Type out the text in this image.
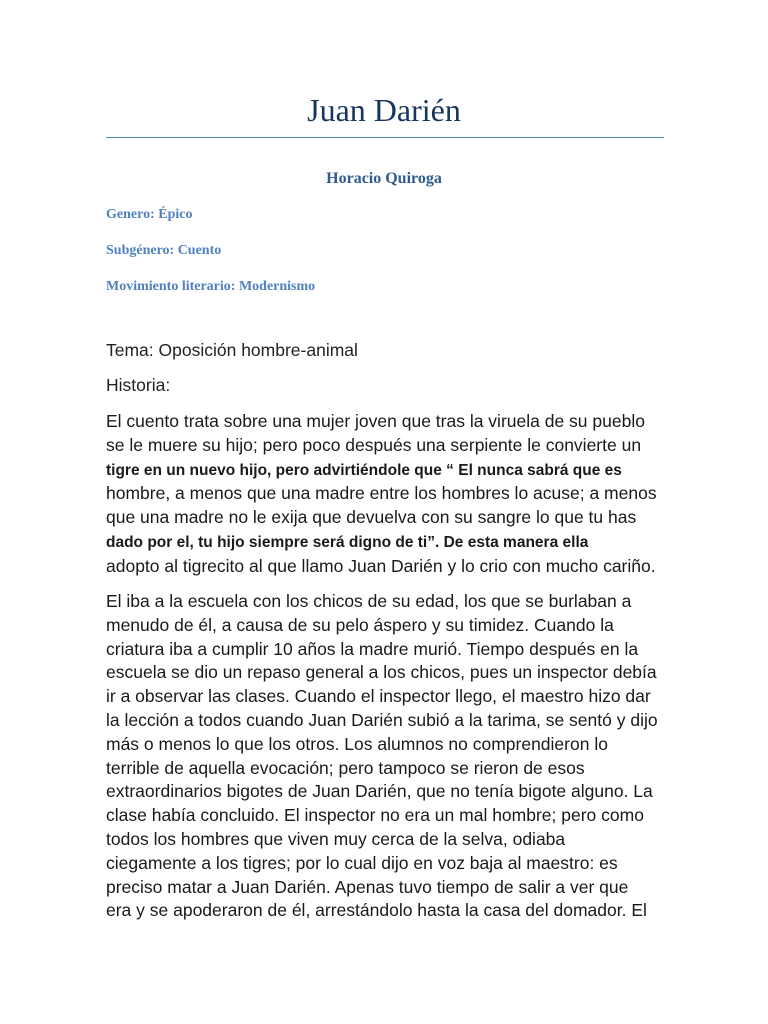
Juan Darién
Horacio Quiroga
Genero: Épico
Subgénero: Cuento
Movimiento literario: Modernismo
Tema: Oposición hombre-animal
Historia:
El cuento trata sobre una mujer joven que tras la viruela de su pueblo
se le muere su hijo; pero poco después una serpiente le convierte un
tigre en un nuevo hijo, pero advirtiéndole que “ El nunca sabrá que es
hombre, a menos que una madre entre los hombres lo acuse; a menos
que una madre no le exija que devuelva con su sangre lo que tu has
dado por el, tu hijo siempre será digno de ti”. De esta manera ella
adopto al tigrecito al que llamo Juan Darién y lo crio con mucho cariño.
El iba a la escuela con los chicos de su edad, los que se burlaban a
menudo de él, a causa de su pelo áspero y su timidez. Cuando la
criatura iba a cumplir 10 años la madre murió. Tiempo después en la
escuela se dio un repaso general a los chicos, pues un inspector debía
ir a observar las clases. Cuando el inspector llego, el maestro hizo dar
la lección a todos cuando Juan Darién subió a la tarima, se sentó y dijo
más o menos lo que los otros. Los alumnos no comprendieron lo
terrible de aquella evocación; pero tampoco se rieron de esos
extraordinarios bigotes de Juan Darién, que no tenía bigote alguno. La
clase había concluido. El inspector no era un mal hombre; pero como
todos los hombres que viven muy cerca de la selva, odiaba
ciegamente a los tigres; por lo cual dijo en voz baja al maestro: es
preciso matar a Juan Darién. Apenas tuvo tiempo de salir a ver que
era y se apoderaron de él, arrestándolo hasta la casa del domador. El
